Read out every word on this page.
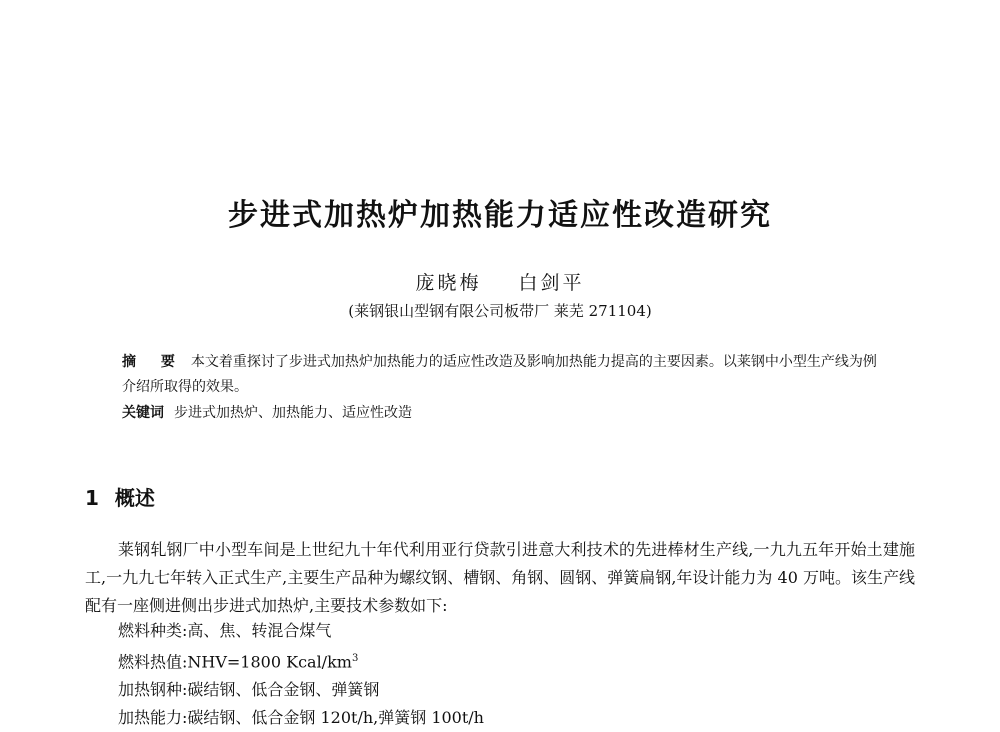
步进式加热炉加热能力适应性改造研究
庞晓梅 白剑平
(莱钢银山型钢有限公司板带厂 莱芜 271104)
摘 要 本文着重探讨了步进式加热炉加热能力的适应性改造及影响加热能力提高的主要因素。以莱钢中小型生产线为例介绍所取得的效果。
关键词 步进式加热炉、加热能力、适应性改造
1 概述
莱钢轧钢厂中小型车间是上世纪九十年代利用亚行贷款引进意大利技术的先进棒材生产线,一九九五年开始土建施工,一九九七年转入正式生产,主要生产品种为螺纹钢、槽钢、角钢、圆钢、弹簧扁钢,年设计能力为 40 万吨。该生产线配有一座侧进侧出步进式加热炉,主要技术参数如下:
燃料种类:高、焦、转混合煤气
燃料热值:NHV=1800 Kcal/$km^3$
加热钢种:碳结钢、低合金钢、弹簧钢
加热能力:碳结钢、低合金钢 120t/h,弹簧钢 100t/h
